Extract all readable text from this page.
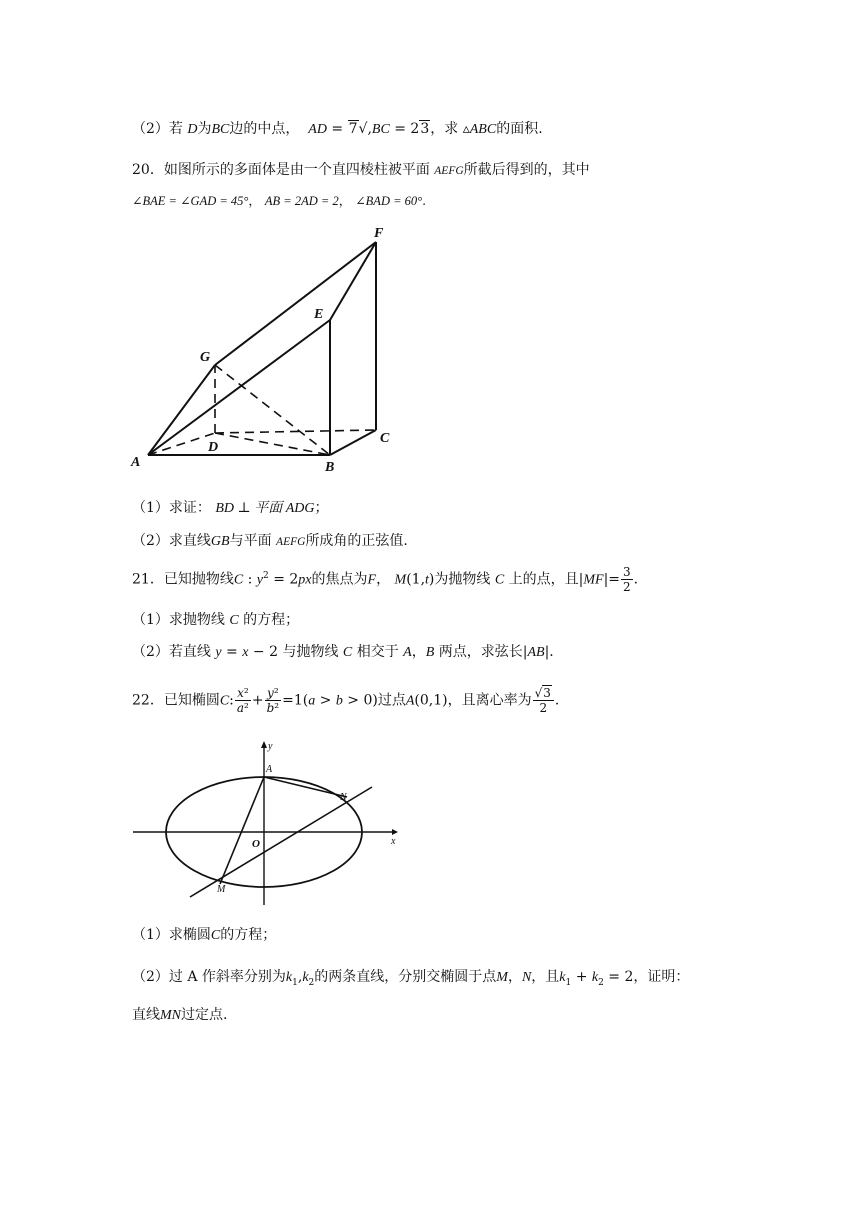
（2）若 D为BC边的中点， AD = 7√,BC = 23，求 ▵ABC的面积.
20．如图所示的多面体是由一个直四棱柱被平面 AEFG所截后得到的，其中
∠BAE = ∠GAD = 45°， AB = 2AD = 2， ∠BAD = 60°.
F
E
G
D
C
A	B
（1）求证： BD ⊥ 平面 ADG；
（2）求直线GB与平面 AEFG所成角的正弦值.
21．已知抛物线C : $y^2 = 2px$的焦点为F， M(1,t)为抛物线 C 上的点，且$|MF|= \frac{3}{2}$ .
（1）求抛物线 C 的方程；
（2）若直线 y = x − 2 与抛物线 C 相交于 A，B 两点，求弦长|AB|.
22．已知椭圆C: $\frac{\text{x²}}{\text{a²}} + \frac{\text{y²}}{\text{b²}} =1(a > b > 0)$过点A(0,1)，且离心率为 $\frac{√3}{2}$ .
y
x
A
N
O
M
（1）求椭圆C的方程；
（2）过 A 作斜率分别为$k_1,k_2$的两条直线，分别交椭圆于点M，N，且$k_1 + k_2 = 2$，证明：
直线MN过定点.
